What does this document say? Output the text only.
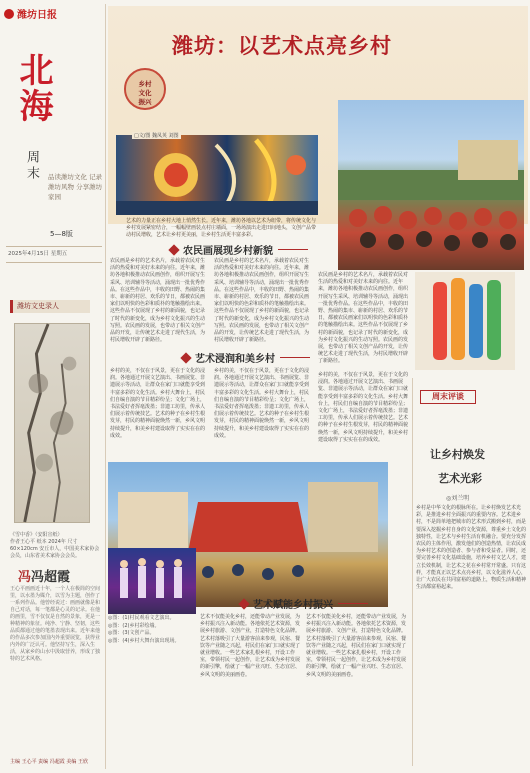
潍坊日报
北海
周末	品读潍坊文化 记录潍坊风物 分享潍坊家园
5—8版
2025年4月15日 星期五
潍坊文史录人
《雪中香》（安阳宣纸）
作者王心平 纸本 2024年 尺寸60×120cm 安丘市人，中国美术家协会会员，山东省美术家协会会员。
冯冯超霞
王心平画画近十年，一个人在极简的空间里，以水墨为媒介，以雪为主题，创作了一系列作品。他曾经说过：画画就像是和自己对话，每一笔都是心灵的记录。在他的画里，雪不仅仅是自然的景象，更是一种精神的象征。纯净、宁静、坚韧，这些品质都通过他的笔墨表现出来。近年来他的作品多次参加国内外重要展览，获得业内外的广泛认可。他坚持写生，深入生活，从家乡的山水中汲取营养，形成了独特的艺术风格。
主编 王心平 责编 冯超霞 美编 王欣
潍坊：以艺术点亮乡村
乡村
文化
振兴
□文/图 魏凤英 刘图
艺术的力量正在乡村大地上悄然生长。近年来，潍坊各地以艺术为纽带，将传统文化与乡村发展紧密结合，一幅幅壁画装点村庄墙面，一场场演出走进田间地头，文创产品带动村民增收，艺术让乡村更美丽，让乡村生活更丰富多彩。
农民画展现乡村新貌
农民画是乡村的艺术名片，承载着农民对生活的热爱和对美好未来的向往。近年来，潍坊各地积极推动农民画创作，组织开展写生采风、培训辅导等活动，涌现出一批优秀作品。在这些作品中，丰收的田野、热闹的集市、崭新的村居、欢乐的节日，都被农民画家们以明快的色彩和质朴的笔触描绘出来。这些作品不仅展现了乡村的新面貌，也记录了时代的新变化，成为乡村文化振兴的生动写照。农民画的发展，也带动了相关文创产品的开发，让传统艺术走进了现代生活，为村民增收开辟了新路径。
农民画是乡村的艺术名片，承载着农民对生活的热爱和对美好未来的向往。近年来，潍坊各地积极推动农民画创作，组织开展写生采风、培训辅导等活动，涌现出一批优秀作品。在这些作品中，丰收的田野、热闹的集市、崭新的村居、欢乐的节日，都被农民画家们以明快的色彩和质朴的笔触描绘出来。这些作品不仅展现了乡村的新面貌，也记录了时代的新变化，成为乡村文化振兴的生动写照。农民画的发展，也带动了相关文创产品的开发，让传统艺术走进了现代生活，为村民增收开辟了新路径。
农民画是乡村的艺术名片，承载着农民对生活的热爱和对美好未来的向往。近年来，潍坊各地积极推动农民画创作，组织开展写生采风、培训辅导等活动，涌现出一批优秀作品。在这些作品中，丰收的田野、热闹的集市、崭新的村居、欢乐的节日，都被农民画家们以明快的色彩和质朴的笔触描绘出来。这些作品不仅展现了乡村的新面貌，也记录了时代的新变化，成为乡村文化振兴的生动写照。农民画的发展，也带动了相关文创产品的开发，让传统艺术走进了现代生活，为村民增收开辟了新路径。
艺术浸润和美乡村
乡村的美，不仅在于风景，更在于文化的浸润。各地通过开展文艺演出、书画展览、非遗展示等活动，让群众在家门口就能享受到丰富多彩的文化生活。乡村大舞台上，村民们自编自演的节目精彩纷呈；文化广场上，书法爱好者挥毫泼墨；非遗工坊里，传承人们展示着传统技艺。艺术的种子在乡村生根发芽，村民的精神面貌焕然一新，乡风文明持续提升，和美乡村建设取得了实实在在的成效。
乡村的美，不仅在于风景，更在于文化的浸润。各地通过开展文艺演出、书画展览、非遗展示等活动，让群众在家门口就能享受到丰富多彩的文化生活。乡村大舞台上，村民们自编自演的节目精彩纷呈；文化广场上，书法爱好者挥毫泼墨；非遗工坊里，传承人们展示着传统技艺。艺术的种子在乡村生根发芽，村民的精神面貌焕然一新，乡风文明持续提升，和美乡村建设取得了实实在在的成效。
乡村的美，不仅在于风景，更在于文化的浸润。各地通过开展文艺演出、书画展览、非遗展示等活动，让群众在家门口就能享受到丰富多彩的文化生活。乡村大舞台上，村民们自编自演的节目精彩纷呈；文化广场上，书法爱好者挥毫泼墨；非遗工坊里，传承人们展示着传统技艺。艺术的种子在乡村生根发芽，村民的精神面貌焕然一新，乡风文明持续提升，和美乡村建设取得了实实在在的成效。
◎图：(1)村民观看文艺演出。
◎图：(2)乡村彩绘墙。
◎图：(3)文创产品。
◎图：(4)乡村大舞台演出现场。
艺术赋能乡村振兴
艺术不仅能美化乡村，还能带动产业发展，为乡村振兴注入新动能。各地依托艺术资源，发展乡村旅游、文创产业，打造特色文化品牌。艺术村落吸引了大量游客前来参观，民宿、餐饮等产业随之兴起，村民们在家门口就实现了就业增收。一些艺术家扎根乡村，开设工作室，带领村民一起创作，让艺术成为乡村发展的新引擎，绘就了一幅产业兴旺、生态宜居、乡风文明的美丽画卷。
艺术不仅能美化乡村，还能带动产业发展，为乡村振兴注入新动能。各地依托艺术资源，发展乡村旅游、文创产业，打造特色文化品牌。艺术村落吸引了大量游客前来参观，民宿、餐饮等产业随之兴起，村民们在家门口就实现了就业增收。一些艺术家扎根乡村，开设工作室，带领村民一起创作，让艺术成为乡村发展的新引擎，绘就了一幅产业兴旺、生态宜居、乡风文明的美丽画卷。
周末评谈
让乡村焕发
艺术光彩
◎刘兰明
乡村是中华文化的根脉所在。让乡村焕发艺术光彩，是推进乡村全面振兴的重要内容。艺术进乡村，不是简单地把城市的艺术形式搬到乡村，而是要深入挖掘乡村自身的文化资源，尊重乡土文化的独特性，让艺术与乡村生活有机融合。要充分发挥农民的主体作用，激发他们的创造热情，让农民成为乡村艺术的创造者、参与者和受益者。同时，还要完善乡村文化基础设施，培养乡村文艺人才，建立长效机制，让艺术之花在乡村常开常盛。只有这样，才能真正以艺术点亮乡村，以文化滋养人心，让广大农民在共同富裕的道路上，物质生活和精神生活都富裕起来。
